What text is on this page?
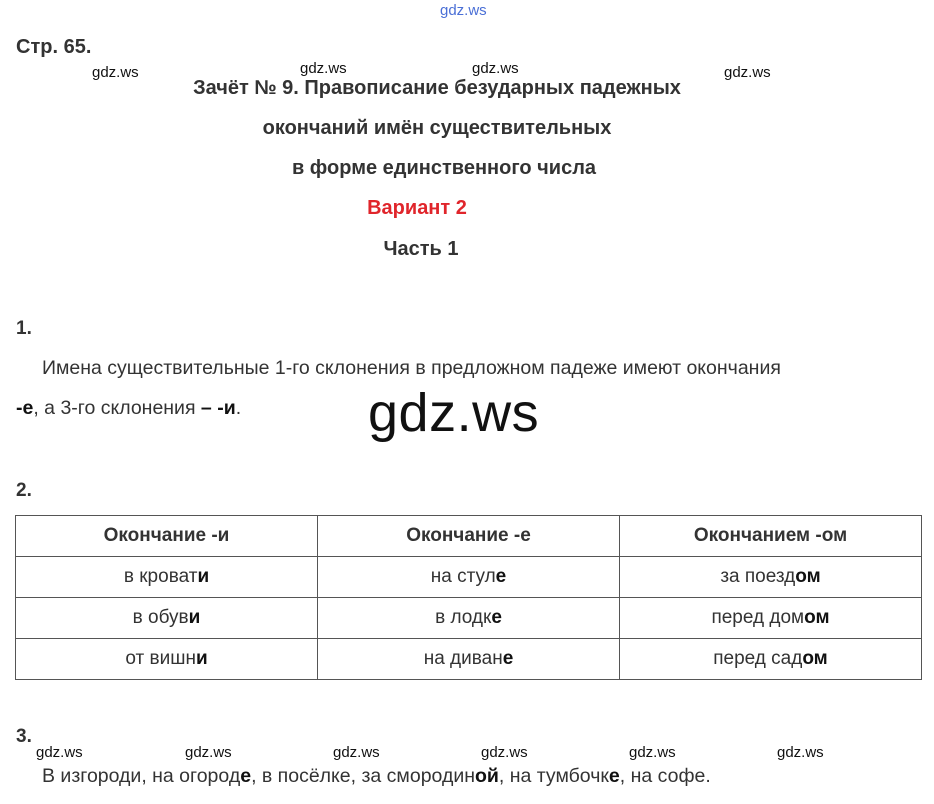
gdz.ws
Стр. 65.
gdz.ws	gdz.ws	gdz.ws	gdz.ws
Зачёт № 9. Правописание безударных падежных
окончаний имён существительных
в форме единственного числа
Вариант 2
Часть 1
1.
Имена существительные 1-го склонения в предложном падеже имеют окончания
-е, а 3-го склонения – -и. gdz.ws
2.
Окончание -и	Окончание -е	Окончанием -ом
в кровати	на стуле	за поездом
в обуви	в лодке	перед домом
от вишни	на диване	перед садом
3.
gdz.ws	gdz.ws	gdz.ws	gdz.ws	gdz.ws	gdz.ws
В изгороди, на огороде, в посёлке, за смородиной, на тумбочке, на софе.
